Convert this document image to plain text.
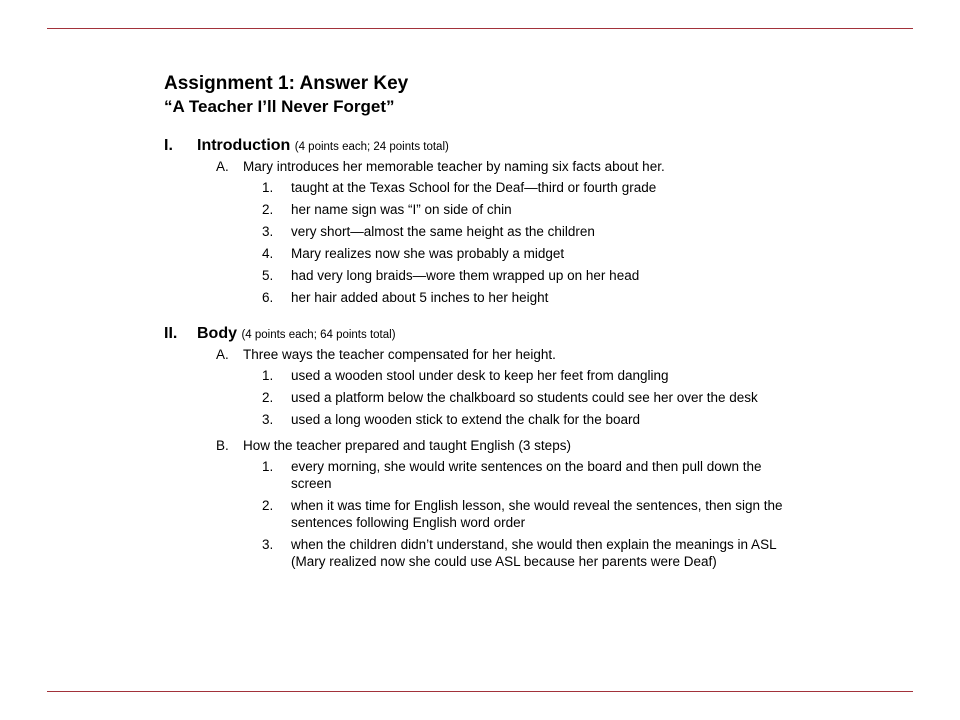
Assignment 1: Answer Key
“A Teacher I’ll Never Forget”
I. Introduction (4 points each; 24 points total)
A. Mary introduces her memorable teacher by naming six facts about her.
1. taught at the Texas School for the Deaf—third or fourth grade
2. her name sign was “I” on side of chin
3. very short—almost the same height as the children
4. Mary realizes now she was probably a midget
5. had very long braids—wore them wrapped up on her head
6. her hair added about 5 inches to her height
II. Body (4 points each; 64 points total)
A. Three ways the teacher compensated for her height.
1. used a wooden stool under desk to keep her feet from dangling
2. used a platform below the chalkboard so students could see her over the desk
3. used a long wooden stick to extend the chalk for the board
B. How the teacher prepared and taught English (3 steps)
1. every morning, she would write sentences on the board and then pull down the screen
2. when it was time for English lesson, she would reveal the sentences, then sign the sentences following English word order
3. when the children didn’t understand, she would then explain the meanings in ASL (Mary realized now she could use ASL because her parents were Deaf)
